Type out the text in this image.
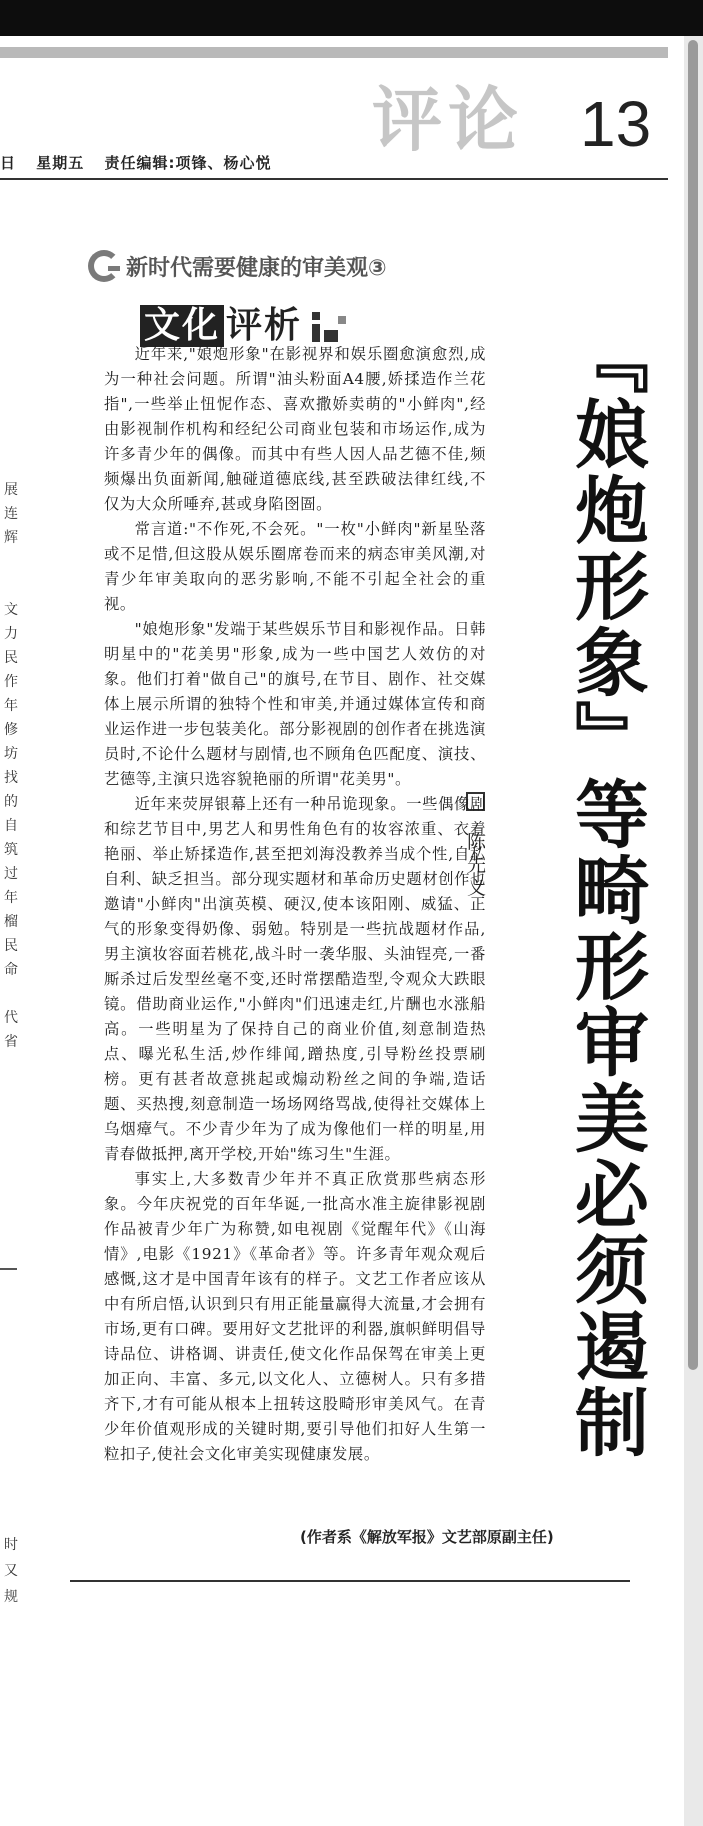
日 星期五 责任编辑:项锋、杨心悦
评论 13
新时代需要健康的审美观③
文化 评析	『娘炮形象』等畸形审美必须遏制
陈先义

近年来,"娘炮形象"在影视界和娱乐圈愈演愈烈,成为一种社会问题。所谓"油头粉面A4腰,娇揉造作兰花指",一些举止忸怩作态、喜欢撒娇卖萌的"小鲜肉",经由影视制作机构和经纪公司商业包装和市场运作,成为许多青少年的偶像。而其中有些人因人品艺德不佳,频频爆出负面新闻,触碰道德底线,甚至跌破法律红线,不仅为大众所唾弃,甚或身陷囹圄。

常言道:"不作死,不会死。"一枚"小鲜肉"新星坠落或不足惜,但这股从娱乐圈席卷而来的病态审美风潮,对青少年审美取向的恶劣影响,不能不引起全社会的重视。

"娘炮形象"发端于某些娱乐节目和影视作品。日韩明星中的"花美男"形象,成为一些中国艺人效仿的对象。他们打着"做自己"的旗号,在节目、剧作、社交媒体上展示所谓的独特个性和审美,并通过媒体宣传和商业运作进一步包装美化。部分影视剧的创作者在挑选演员时,不论什么题材与剧情,也不顾角色匹配度、演技、艺德等,主演只选容貌艳丽的所谓"花美男"。

近年来荧屏银幕上还有一种吊诡现象。一些偶像剧和综艺节目中,男艺人和男性角色有的妆容浓重、衣着艳丽、举止矫揉造作,甚至把刘海没教养当成个性,自私自利、缺乏担当。部分现实题材和革命历史题材创作也邀请"小鲜肉"出演英模、硬汉,使本该阳刚、威猛、正气的形象变得奶像、弱勉。特别是一些抗战题材作品,男主演妆容面若桃花,战斗时一袭华服、头油锃亮,一番厮杀过后发型丝毫不变,还时常摆酷造型,令观众大跌眼镜。借助商业运作,"小鲜肉"们迅速走红,片酬也水涨船高。一些明星为了保持自己的商业价值,刻意制造热点、曝光私生活,炒作绯闻,蹭热度,引导粉丝投票刷榜。更有甚者故意挑起或煽动粉丝之间的争端,造话题、买热搜,刻意制造一场场网络骂战,使得社交媒体上乌烟瘴气。不少青少年为了成为像他们一样的明星,用青春做抵押,离开学校,开始"练习生"生涯。

事实上,大多数青少年并不真正欣赏那些病态形象。今年庆祝党的百年华诞,一批高水准主旋律影视剧作品被青少年广为称赞,如电视剧《觉醒年代》《山海情》,电影《1921》《革命者》等。许多青年观众观后感慨,这才是中国青年该有的样子。文艺工作者应该从中有所启悟,认识到只有用正能量赢得大流量,才会拥有市场,更有口碑。要用好文艺批评的利器,旗帜鲜明倡导诗品位、讲格调、讲责任,使文化作品保驾在审美上更加正向、丰富、多元,以文化人、立德树人。只有多措齐下,才有可能从根本上扭转这股畸形审美风气。在青少年价值观形成的关键时期,要引导他们扣好人生第一粒扣子,使社会文化审美实现健康发展。

(作者系《解放军报》文艺部原副主任)
展
连
辉
文
力
民
作
年
修
坊
找
的
自
筑
过
年
榴
民
命
代
省
时
又
规
